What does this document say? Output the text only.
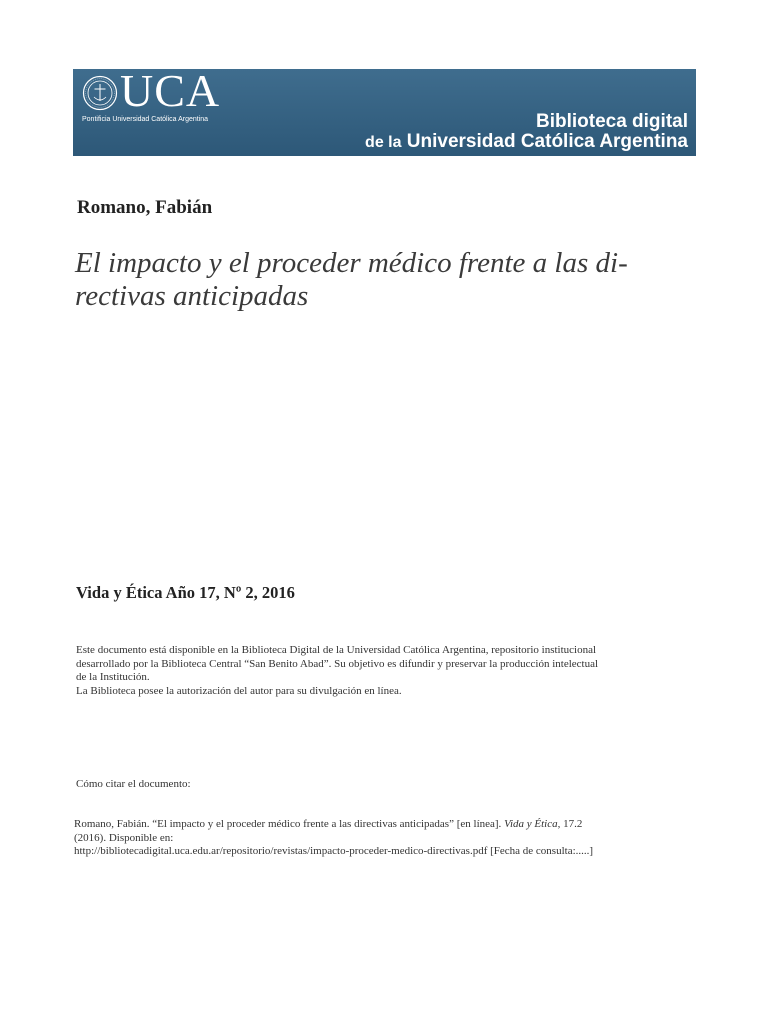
UCA
Pontificia Universidad Católica Argentina	Biblioteca digital
de la Universidad Católica Argentina
Romano, Fabián
El impacto y el proceder médico frente a las di-
rectivas anticipadas
Vida y Ética Año 17, Nº 2, 2016
Este documento está disponible en la Biblioteca Digital de la Universidad Católica Argentina, repositorio institucional
desarrollado por la Biblioteca Central “San Benito Abad”. Su objetivo es difundir y preservar la producción intelectual
de la Institución.
La Biblioteca posee la autorización del autor para su divulgación en línea.
Cómo citar el documento:
Romano, Fabián. “El impacto y el proceder médico frente a las directivas anticipadas” [en línea]. Vida y Ética, 17.2
(2016). Disponible en:
http://bibliotecadigital.uca.edu.ar/repositorio/revistas/impacto-proceder-medico-directivas.pdf [Fecha de consulta:.....]
